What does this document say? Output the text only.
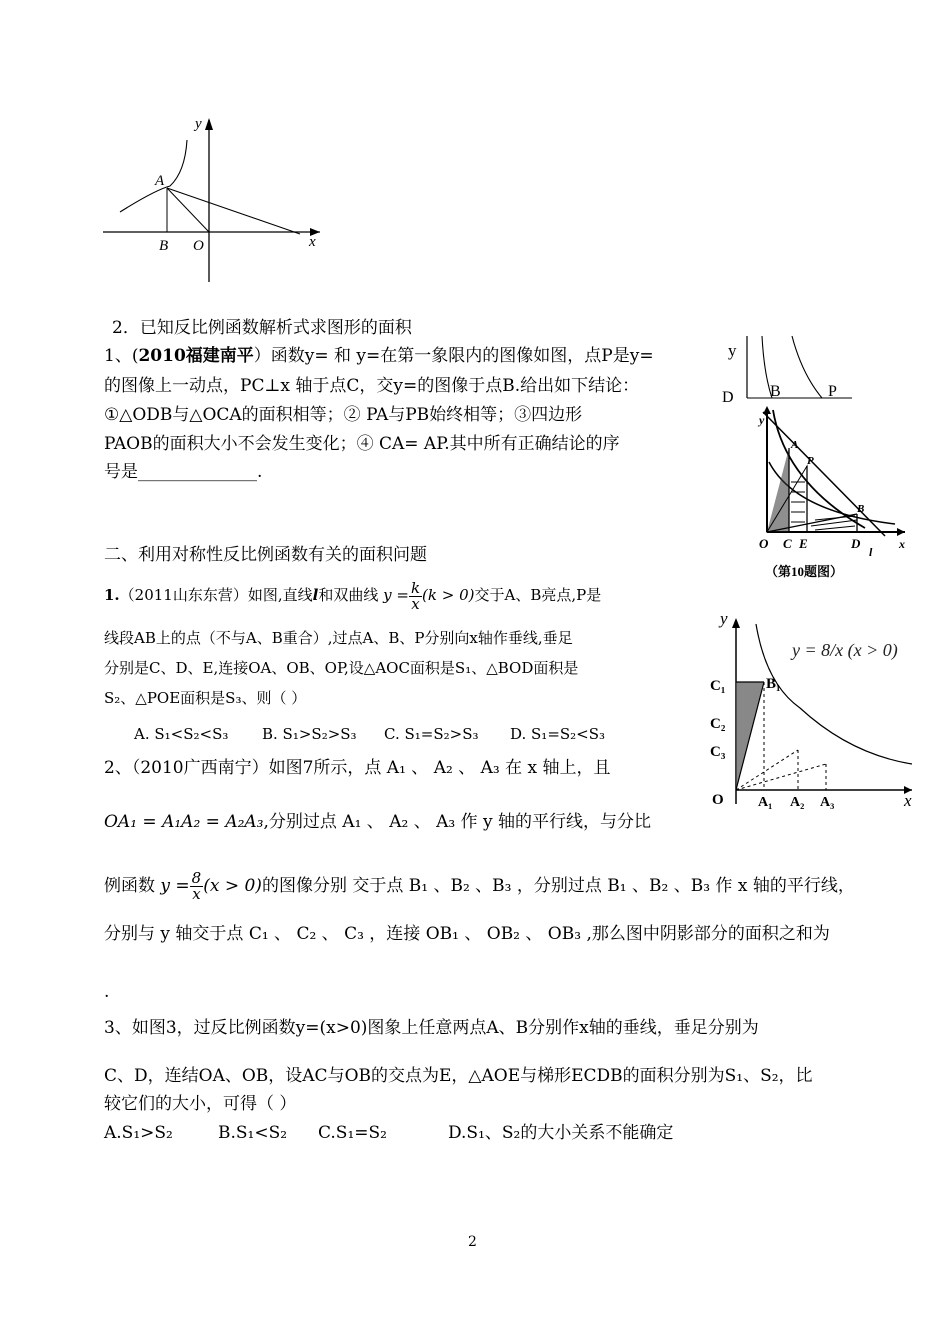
y
A
B O	x
2．已知反比例函数解析式求图形的面积
1、(2010福建南平）函数y= 和 y=在第一象限内的图像如图，点P是y=
的图像上一动点，PC⊥x 轴于点C，交y=的图像于点B.给出如下结论：
①△ODB与△OCA的面积相等；② PA与PB始终相等；③四边形
PAOB的面积大小不会发生变化；④ CA= AP.其中所有正确结论的序
号是______________.
y
D B	P
y
A
P
B
O C E	D	x
l
（第10题图）
二、利用对称性反比例函数有关的面积问题
1.（2011山东东营）如图,直线l和双曲线 $y = \frac{k}{x} (k > 0)$交于A、B亮点,P是
线段AB上的点（不与A、B重合）,过点A、B、P分别向x轴作垂线,垂足
分别是C、D、E,连接OA、OB、OP,设△AOC面积是S₁、△BOD面积是
S₂、△POE面积是S₃、则（ ）
A. S₁<S₂<S₃ B. S₁>S₂>S₃ C. S₁=S₂>S₃ D. S₁=S₂<S₃
y = 8/x (x > 0)
y
C₁	B₁
C₂
C₃
O A₁ A₂ A₃	x
2、（2010广西南宁）如图7所示，点 A₁ 、 A₂ 、 A₃ 在 x 轴上，且
OA₁ = A₁A₂ = A₂A₃,分别过点 A₁ 、 A₂ 、 A₃ 作 y 轴的平行线，与分比
例函数 $y = \frac{8}{x} (x > 0)$的图像分别 交于点 B₁ 、B₂ 、B₃ ，分别过点 B₁ 、B₂ 、B₃ 作 x 轴的平行线，
分别与 y 轴交于点 C₁ 、 C₂ 、 C₃ ，连接 OB₁ 、 OB₂ 、 OB₃ ,那么图中阴影部分的面积之和为
.
3、如图3，过反比例函数y=(x>0)图象上任意两点A、B分别作x轴的垂线，垂足分别为
C、D，连结OA、OB，设AC与OB的交点为E，△AOE与梯形ECDB的面积分别为S₁、S₂，比
较它们的大小，可得（ ）
A.S₁>S₂	B.S₁<S₂ C.S₁=S₂	D.S₁、S₂的大小关系不能确定
2
